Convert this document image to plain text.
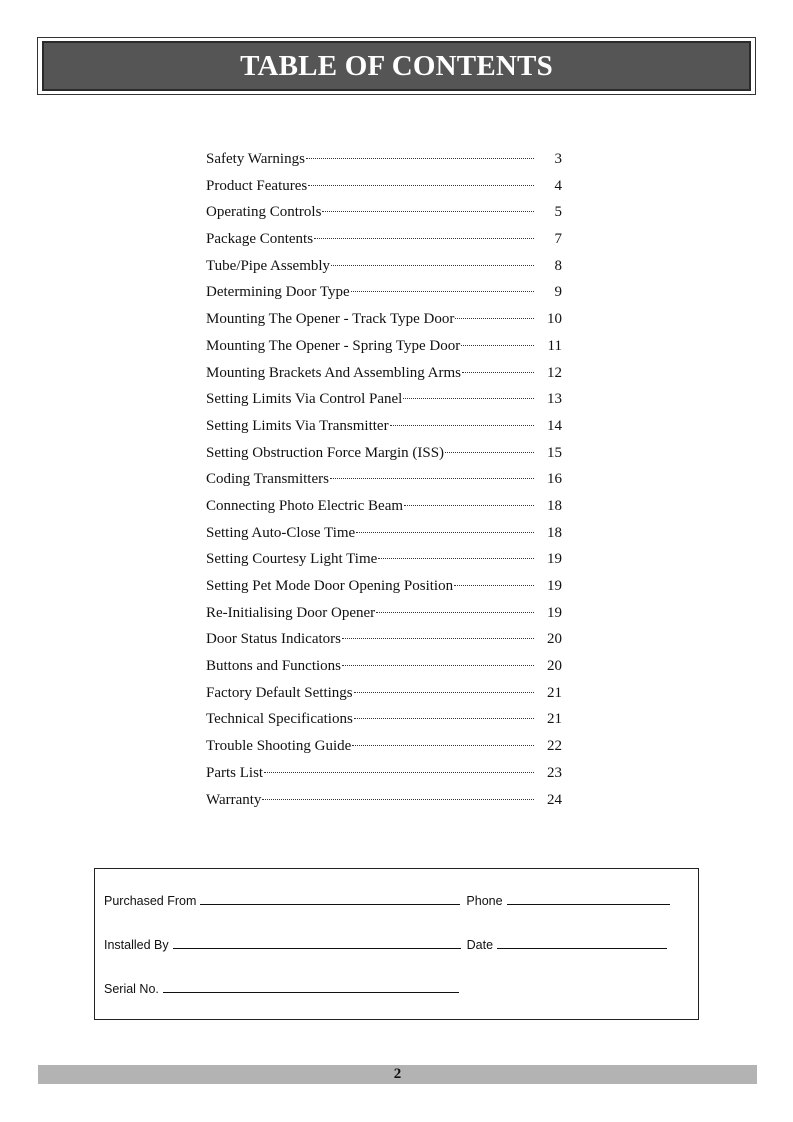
TABLE OF CONTENTS
Safety Warnings	3
Product Features	4
Operating Controls	5
Package Contents	7
Tube/Pipe Assembly	8
Determining Door Type	9
Mounting The Opener - Track Type Door	10
Mounting The Opener - Spring Type Door	11
Mounting Brackets And Assembling Arms	12
Setting Limits Via Control Panel	13
Setting Limits Via Transmitter	14
Setting Obstruction Force Margin (ISS)	15
Coding Transmitters	16
Connecting Photo Electric Beam	18
Setting Auto-Close Time	18
Setting Courtesy Light Time	19
Setting Pet Mode Door Opening Position	19
Re-Initialising Door Opener	19
Door Status Indicators	20
Buttons and Functions	20
Factory Default Settings	21
Technical Specifications	21
Trouble Shooting Guide	22
Parts List	23
Warranty	24
Purchased From	Phone
Installed By	Date
Serial No.
2
